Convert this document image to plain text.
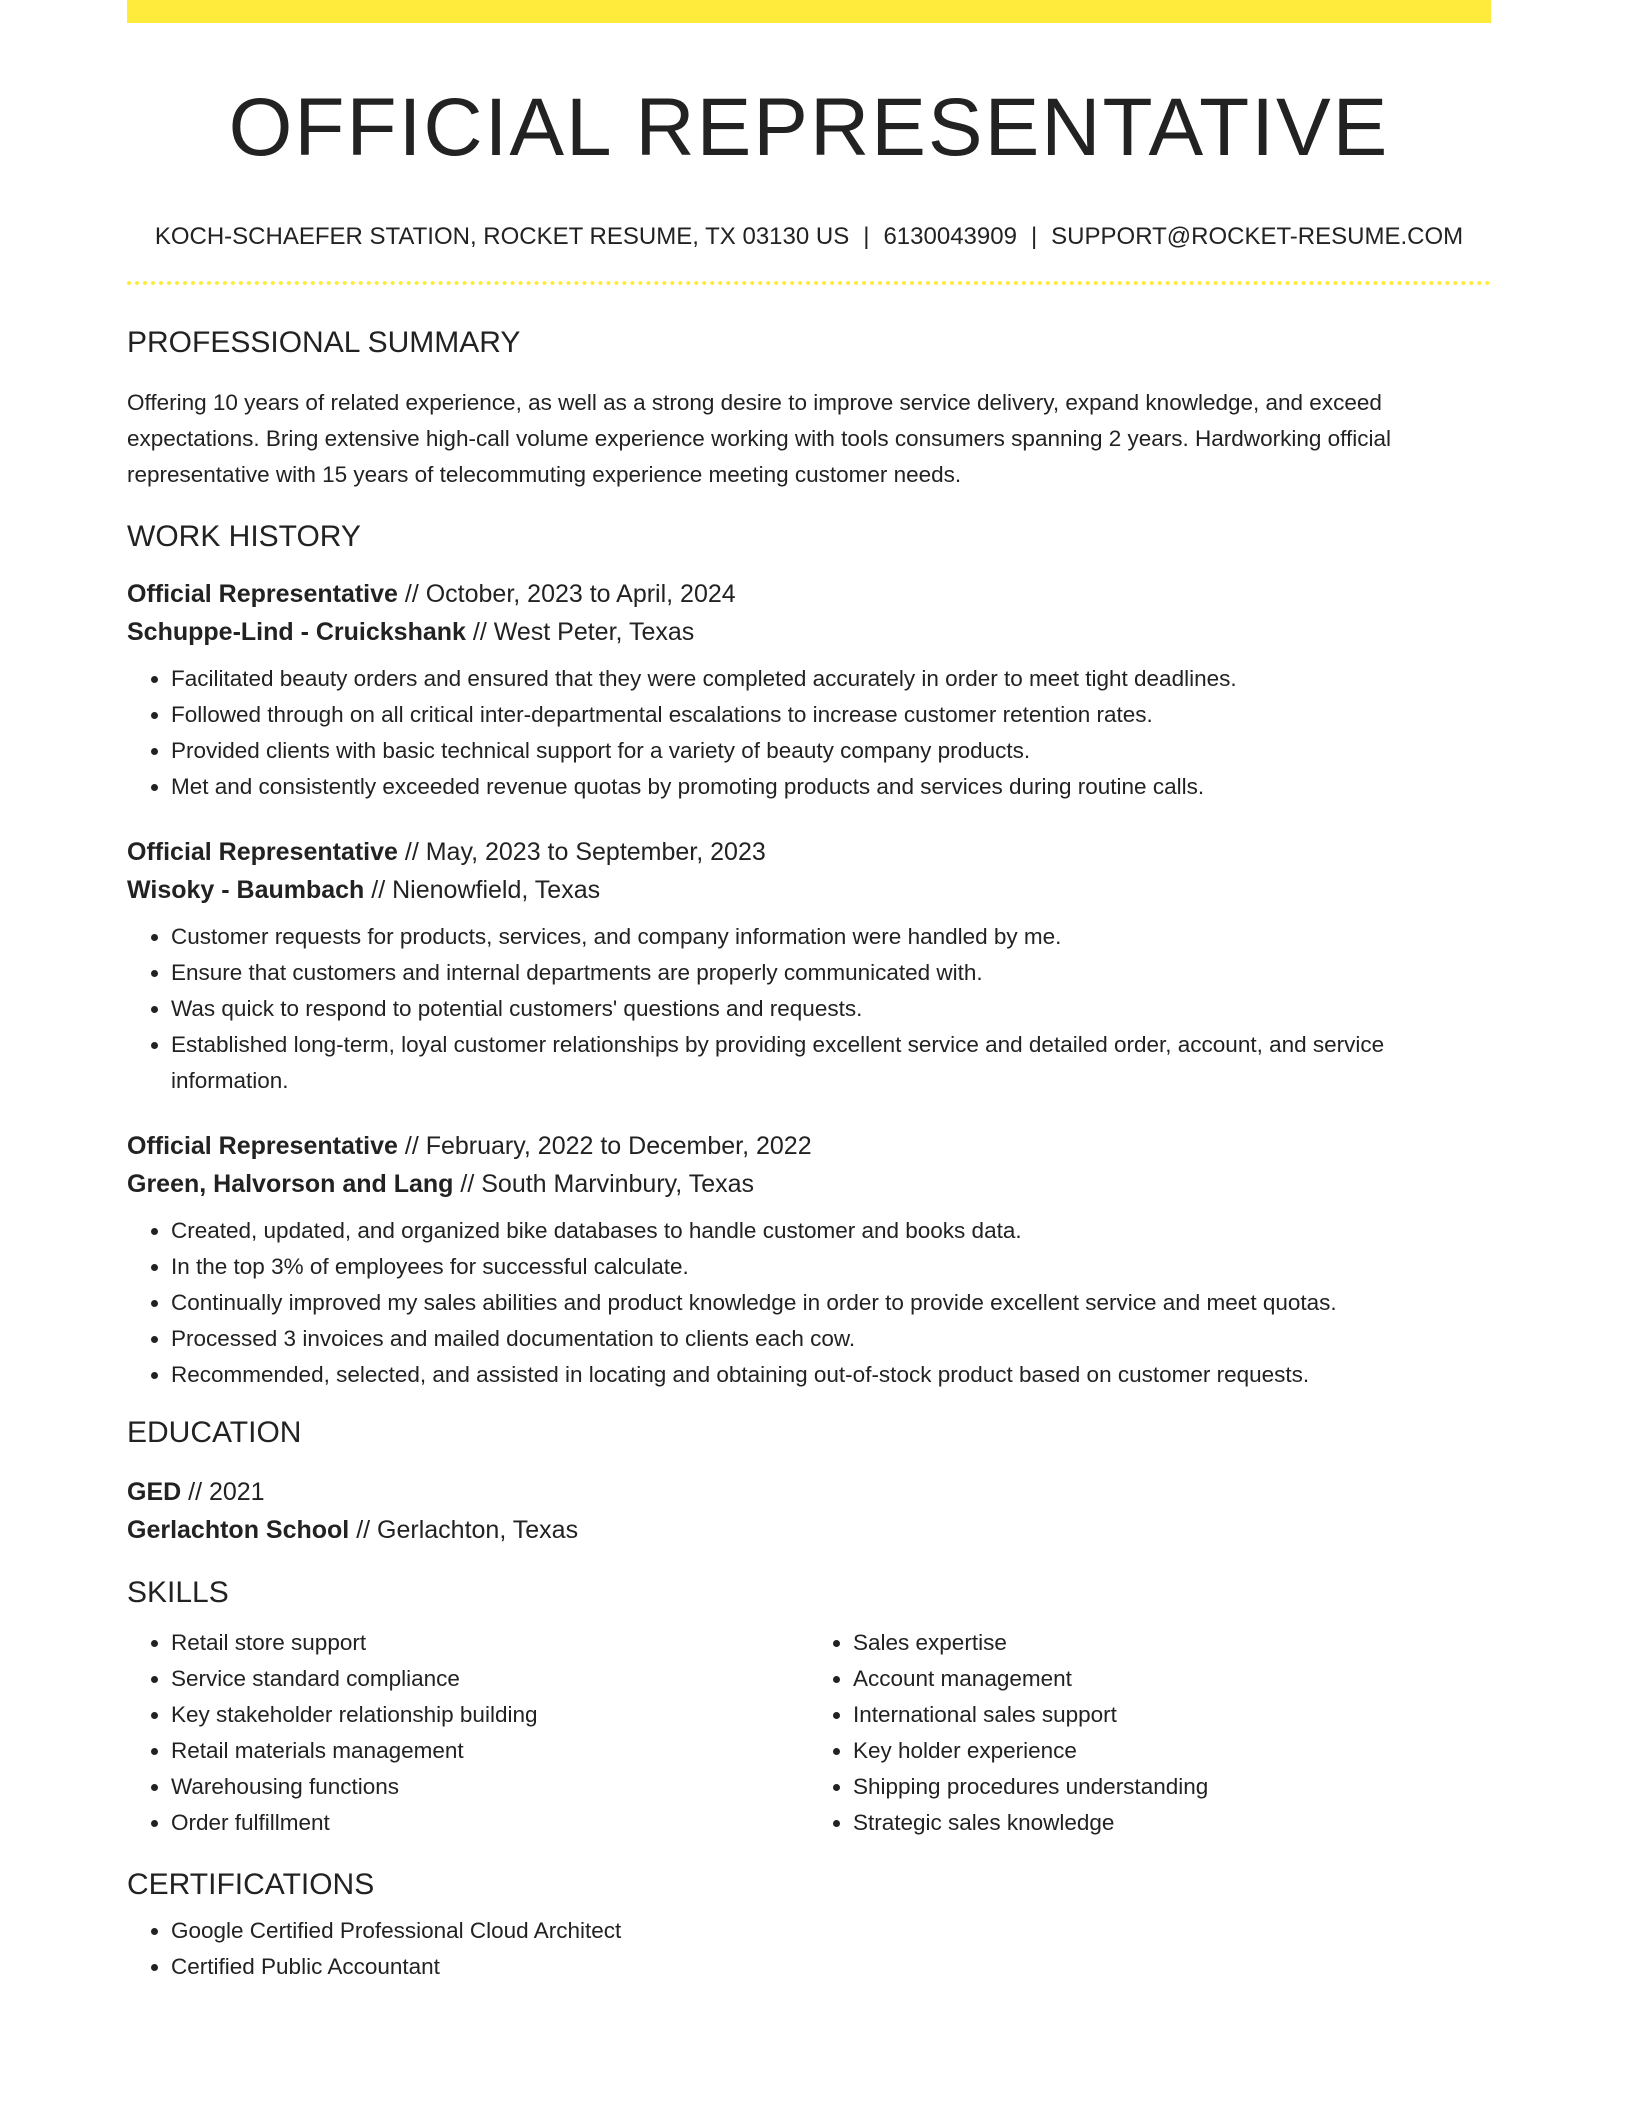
OFFICIAL REPRESENTATIVE
KOCH-SCHAEFER STATION, ROCKET RESUME, TX 03130 US | 6130043909 | SUPPORT@ROCKET-RESUME.COM
PROFESSIONAL SUMMARY

Offering 10 years of related experience, as well as a strong desire to improve service delivery, expand knowledge, and exceed expectations. Bring extensive high-call volume experience working with tools consumers spanning 2 years. Hardworking official representative with 15 years of telecommuting experience meeting customer needs.

WORK HISTORY
Official Representative // October, 2023 to April, 2024
Schuppe-Lind - Cruickshank // West Peter, Texas
• Facilitated beauty orders and ensured that they were completed accurately in order to meet tight deadlines.
• Followed through on all critical inter-departmental escalations to increase customer retention rates.
• Provided clients with basic technical support for a variety of beauty company products.
• Met and consistently exceeded revenue quotas by promoting products and services during routine calls.
Official Representative // May, 2023 to September, 2023
Wisoky - Baumbach // Nienowfield, Texas
• Customer requests for products, services, and company information were handled by me.
• Ensure that customers and internal departments are properly communicated with.
• Was quick to respond to potential customers' questions and requests.
• Established long-term, loyal customer relationships by providing excellent service and detailed order, account, and service information.
Official Representative // February, 2022 to December, 2022
Green, Halvorson and Lang // South Marvinbury, Texas
• Created, updated, and organized bike databases to handle customer and books data.
• In the top 3% of employees for successful calculate.
• Continually improved my sales abilities and product knowledge in order to provide excellent service and meet quotas.
• Processed 3 invoices and mailed documentation to clients each cow.
• Recommended, selected, and assisted in locating and obtaining out-of-stock product based on customer requests.
EDUCATION
GED // 2021
Gerlachton School // Gerlachton, Texas
SKILLS
• Retail store support
• Service standard compliance
• Key stakeholder relationship building
• Retail materials management
• Warehousing functions
• Order fulfillment
• Sales expertise
• Account management
• International sales support
• Key holder experience
• Shipping procedures understanding
• Strategic sales knowledge
CERTIFICATIONS
• Google Certified Professional Cloud Architect
• Certified Public Accountant
